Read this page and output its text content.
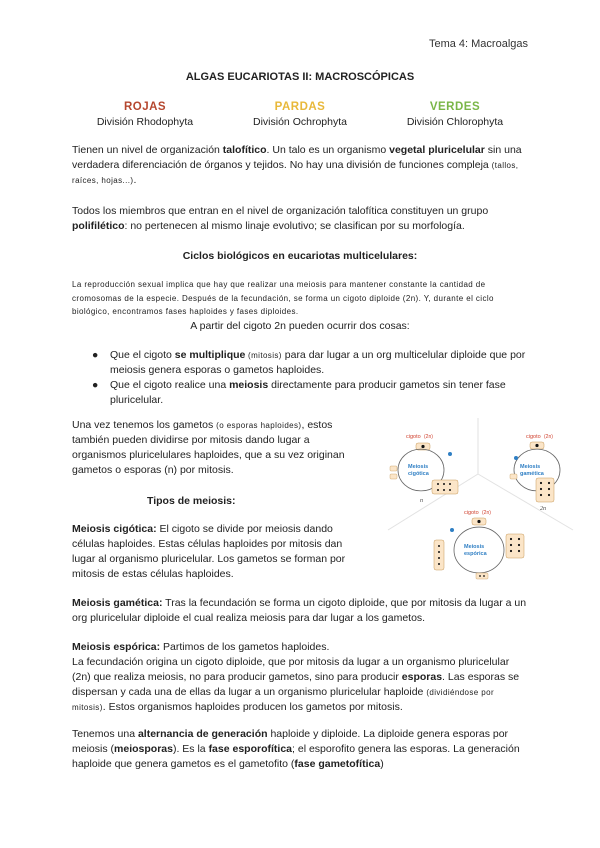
Tema 4: Macroalgas
ALGAS EUCARIOTAS II: MACROSCÓPICAS
ROJAS
División Rhodophyta
PARDAS
División Ochrophyta
VERDES
División Chlorophyta
Tienen un nivel de organización talofítico. Un talo es un organismo vegetal pluricelular sin una verdadera diferenciación de órganos y tejidos. No hay una división de funciones compleja (tallos, raíces, hojas...).
Todos los miembros que entran en el nivel de organización talofítica constituyen un grupo polifilético: no pertenecen al mismo linaje evolutivo; se clasifican por su morfología.
Ciclos biológicos en eucariotas multicelulares:
La reproducción sexual implica que hay que realizar una meiosis para mantener constante la cantidad de cromosomas de la especie. Después de la fecundación, se forma un cigoto diploide (2n). Y, durante el ciclo biológico, encontramos fases haploides y fases diploides.
A partir del cigoto 2n pueden ocurrir dos cosas:
● Que el cigoto se multiplique (mitosis) para dar lugar a un org multicelular diploide que por meiosis genera esporas o gametos haploides.
● Que el cigoto realice una meiosis directamente para producir gametos sin tener fase pluricelular.
Una vez tenemos los gametos (o esporas haploides), estos también pueden dividirse por mitosis dando lugar a organismos pluricelulares haploides, que a su vez originan gametos o esporas (n) por mitosis.
cigoto (2n)
Meiosis
cigótica
n
cigoto (2n)
Meiosis
gamética
2n
cigoto (2n)
Meiosis
espórica
Tipos de meiosis:
Meiosis cigótica: El cigoto se divide por meiosis dando células haploides. Estas células haploides por mitosis dan lugar al organismo pluricelular. Los gametos se forman por mitosis de estas células haploides.
Meiosis gamética: Tras la fecundación se forma un cigoto diploide, que por mitosis da lugar a un org pluricelular diploide el cual realiza meiosis para dar lugar a los gametos.
Meiosis espórica: Partimos de los gametos haploides.
La fecundación origina un cigoto diploide, que por mitosis da lugar a un organismo pluricelular (2n) que realiza meiosis, no para producir gametos, sino para producir esporas. Las esporas se dispersan y cada una de ellas da lugar a un organismo pluricelular haploide (dividiéndose por mitosis). Estos organismos haploides producen los gametos por mitosis.
Tenemos una alternancia de generación haploide y diploide. La diploide genera esporas por meiosis (meiosporas). Es la fase esporofítica; el esporofito genera las esporas. La generación haploide que genera gametos es el gametofito (fase gametofítica)
